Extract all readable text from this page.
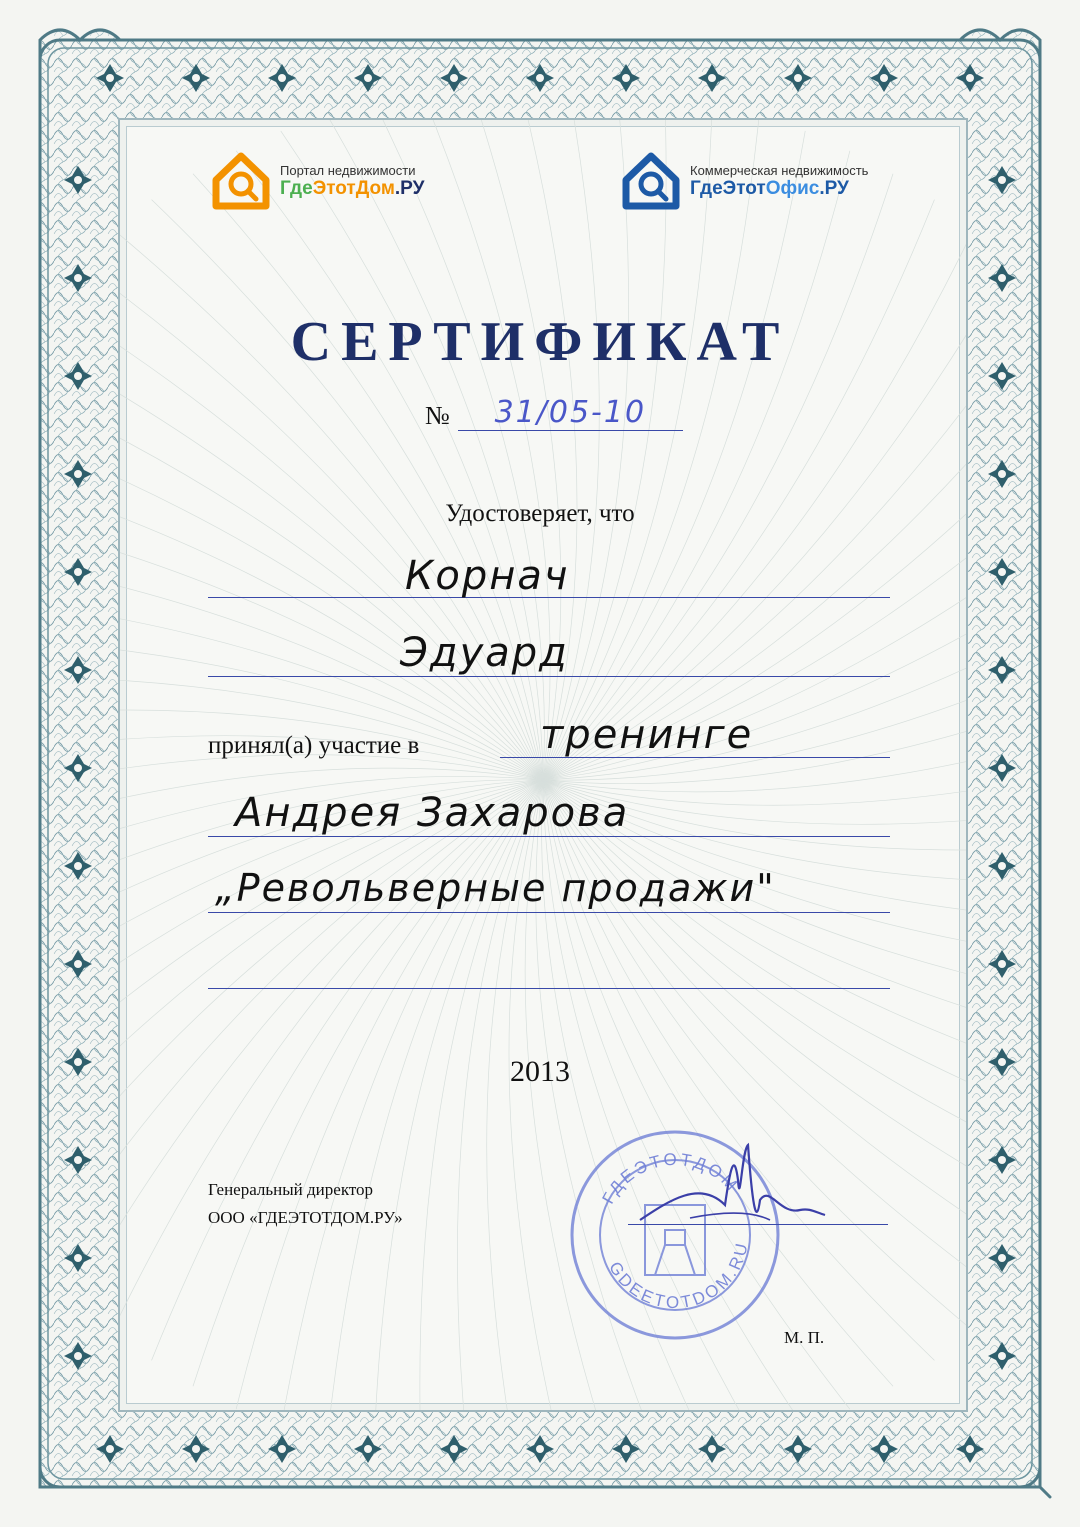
Портал недвижимости
ГдеЭтотДом.РУ
Коммерческая недвижимость
ГдеЭтотОфис.РУ
СЕРТИФИКАТ
№	31/05-10
Удостоверяет, что
Корнач
Эдуард
принял(а) участие в	тренинге
Андрея Захарова
„Револьверные продажи"
2013
Генеральный директор
ООО «ГДЕЭТОТДОМ.РУ»
ГДЕЭТОТДОМ
GDEETOTDOM.RU
М. П.
